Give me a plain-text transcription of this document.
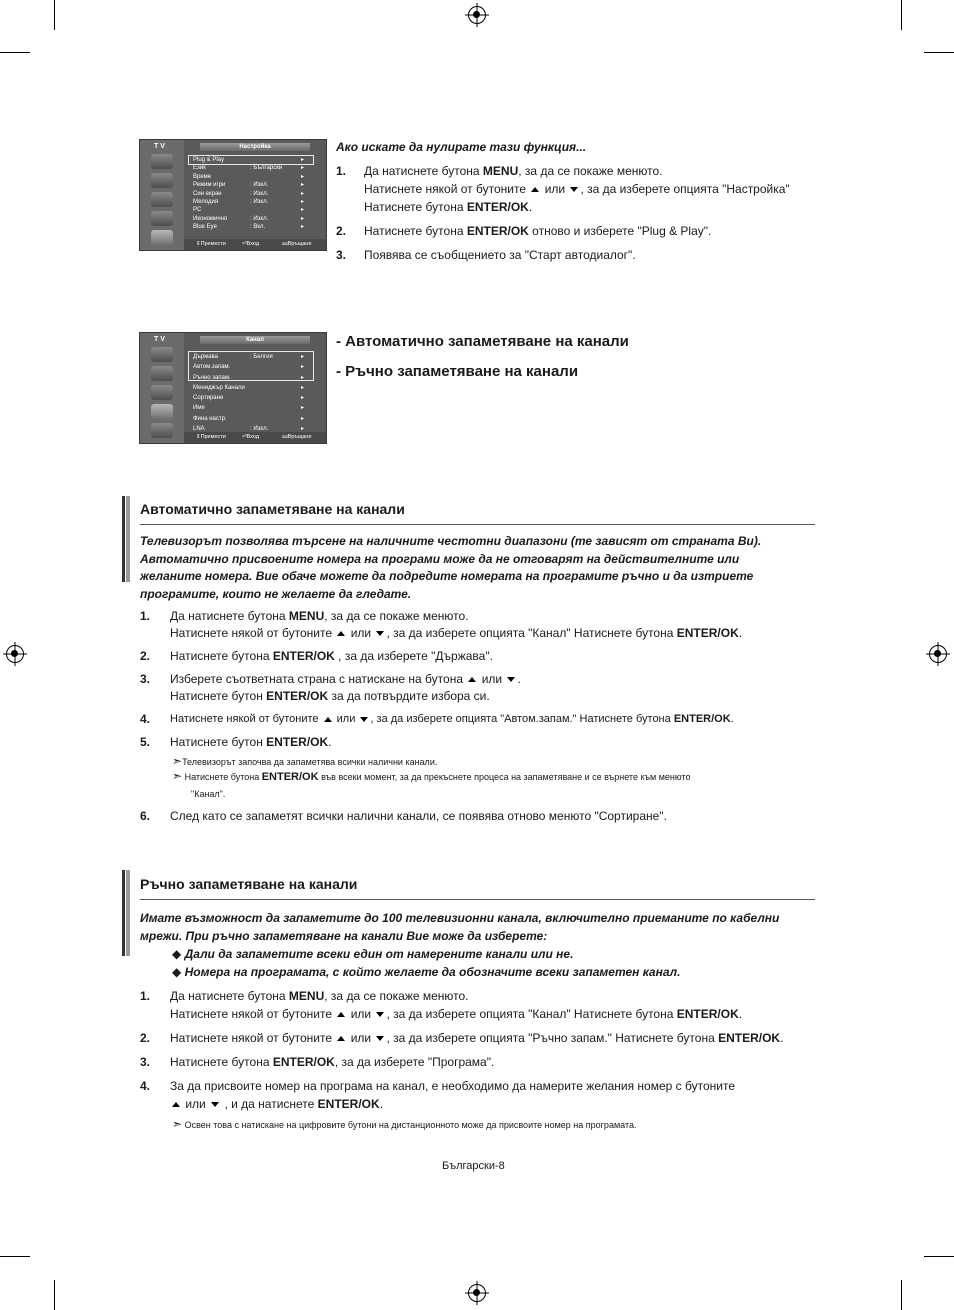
T V	Настройка
Plug & Play	▸
Език	: Български	▸
Време	▸
Режим игри	: Изкл.	▸
Син екран	: Изкл.	▸
Мелодия	: Изкл.	▸
PC	▸
Икономично	: Изкл.	▸
Blue Eye	: Вкл.	▸
⇕ Премести	⏎ Вход	⅏ Връщане
Ако искате да нулирате тази функция...
1. Да натиснете бутона MENU, за да се покаже менюто.
Натиснете някой от бутоните или , за да изберете опцията "Настройка"
Натиснете бутона ENTER/OK.
2. Натиснете бутона ENTER/OK отново и изберете "Plug & Play".
3. Появява се съобщението за "Старт автодиалог".
T V	Канал
Държава	: Белгия	▸
Автом.запам.	▸
Ръчно запам.	▸
Мениджър Канали	▸
Сортиране	▸
Име	▸
Фина настр.	▸
LNA	: Изкл.	▸
⇕ Премести	⏎ Вход	⅏ Връщане
- Автоматично запаметяване на канали
- Ръчно запаметяване на канали
Автоматично запаметяване на канали
Телевизорът позволява търсене на наличните честотни диапазони (те зависят от страната Ви).
Автоматично присвоените номера на програми може да не отговарят на действителните или
желаните номера. Вие обаче можете да подредите номерата на програмите ръчно и да изтриете
програмите, които не желаете да гледате.
1. Да натиснете бутона MENU, за да се покаже менюто.
Натиснете някой от бутоните или , за да изберете опцията "Канал" Натиснете бутона ENTER/OK.
2. Натиснете бутона ENTER/OK , за да изберете "Държава".
3. Изберете съответната страна с натискане на бутона или .
Натиснете бутон ENTER/OK за да потвърдите избора си.
4. Натиснете някой от бутоните или , за да изберете опцията "Автом.запам." Натиснете бутона ENTER/OK.
5. Натиснете бутон ENTER/OK.
➣Телевизорът започва да запаметява всички налични канали.
➣ Натиснете бутона ENTER/OK във всеки момент, за да прекъснете процеса на запаметяване и се върнете към менюто
"Канал".
6. След като се запаметят всички налични канали, се появява отново менюто "Сортиране".
Ръчно запаметяване на канали
Имате възможност да запаметите до 100 телевизионни канала, включително приеманите по кабелни
мрежи. При ръчно запаметяване на канали Вие може да изберете:
◆ Дали да запаметите всеки един от намерените канали или не.
◆ Номера на програмата, с който желаете да обозначите всеки запаметен канал.
1. Да натиснете бутона MENU, за да се покаже менюто.
Натиснете някой от бутоните или , за да изберете опцията "Канал" Натиснете бутона ENTER/OK.
2. Натиснете някой от бутоните или , за да изберете опцията "Ръчно запам." Натиснете бутона ENTER/OK.
3. Натиснете бутона ENTER/OK, за да изберете "Програма".
4. За да присвоите номер на програма на канал, е необходимо да намерите желания номер с бутоните
или  , и да натиснете ENTER/OK.
➣ Освен това с натискане на цифровите бутони на дистанционното може да присвоите номер на програмата.
Български-8
